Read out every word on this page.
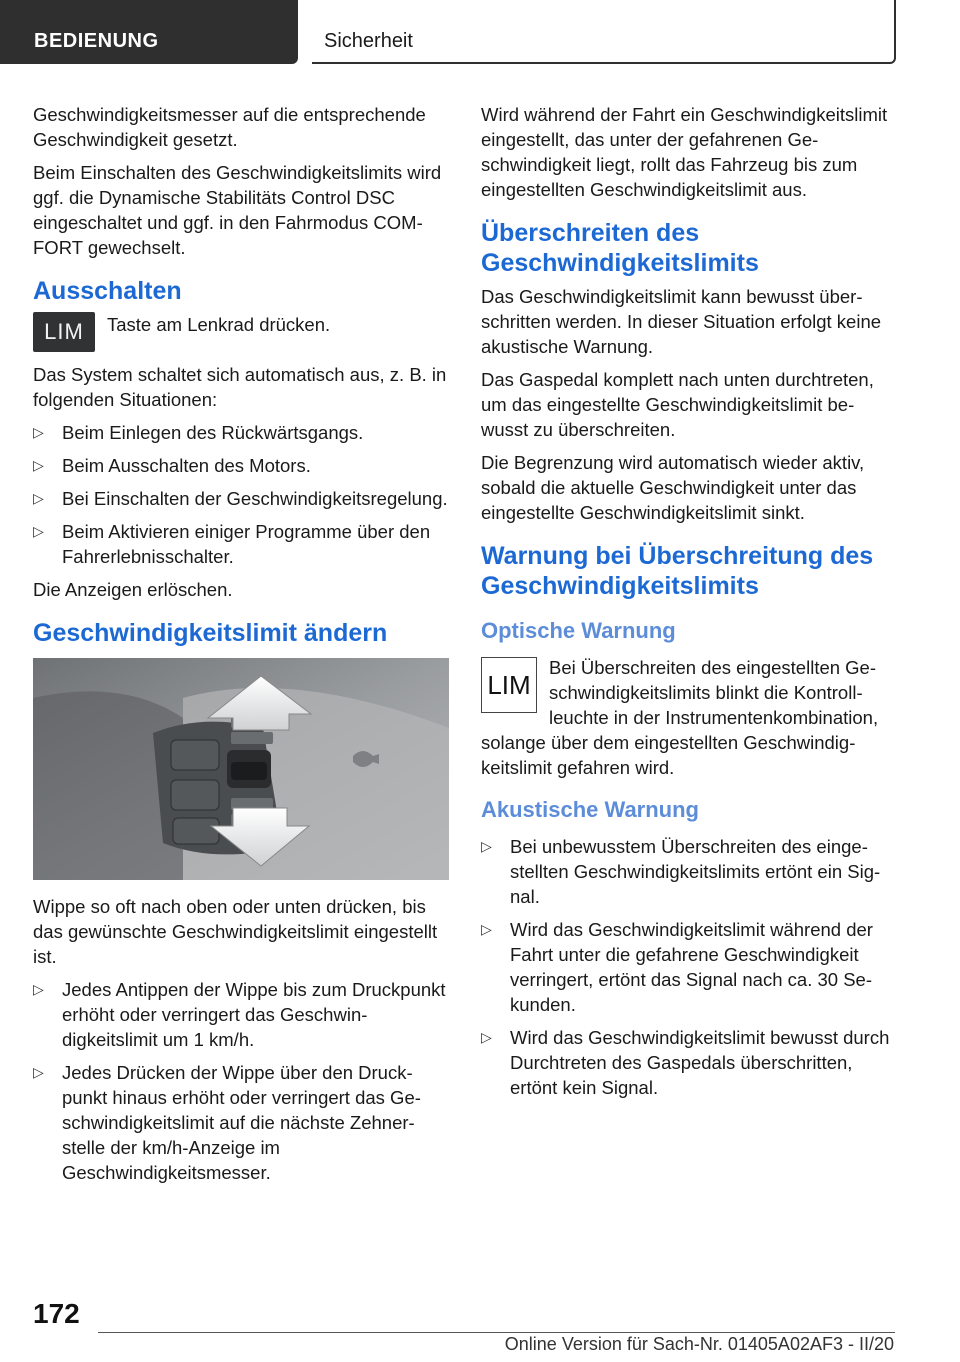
BEDIENUNG	Sicherheit

Geschwindigkeitsmesser auf die entsprechende Geschwindigkeit gesetzt.

Beim Einschalten des Geschwindigkeitslimits wird ggf. die Dynamische Stabilitäts Control DSC eingeschaltet und ggf. in den Fahrmodus COMFORT gewechselt.

Ausschalten
LIM	Taste am Lenkrad drücken.

Das System schaltet sich automatisch aus, z. B. in folgenden Situationen:

▷ Beim Einlegen des Rückwärtsgangs.
▷ Beim Ausschalten des Motors.
▷ Bei Einschalten der Geschwindigkeitsregelung.
▷ Beim Aktivieren einiger Programme über den Fahrerlebnisschalter.

Die Anzeigen erlöschen.

Geschwindigkeitslimit ändern

Wippe so oft nach oben oder unten drücken, bis das gewünschte Geschwindigkeitslimit eingestellt ist.

▷ Jedes Antippen der Wippe bis zum Druckpunkt erhöht oder verringert das Geschwindigkeitslimit um 1 km/h.
▷ Jedes Drücken der Wippe über den Druckpunkt hinaus erhöht oder verringert das Geschwindigkeitslimit auf die nächste Zehnerstelle der km/h-Anzeige im Geschwindigkeitsmesser.

Wird während der Fahrt ein Geschwindigkeitslimit eingestellt, das unter der gefahrenen Geschwindigkeit liegt, rollt das Fahrzeug bis zum eingestellten Geschwindigkeitslimit aus.

Überschreiten des Geschwindigkeitslimits

Das Geschwindigkeitslimit kann bewusst überschritten werden. In dieser Situation erfolgt keine akustische Warnung.

Das Gaspedal komplett nach unten durchtreten, um das eingestellte Geschwindigkeitslimit bewusst zu überschreiten.

Die Begrenzung wird automatisch wieder aktiv, sobald die aktuelle Geschwindigkeit unter das eingestellte Geschwindigkeitslimit sinkt.

Warnung bei Überschreitung des Geschwindigkeitslimits
Optische Warnung
LIM

Bei Überschreiten des eingestellten Geschwindigkeitslimits blinkt die Kontrollleuchte in der Instrumentenkombination, solange über dem eingestellten Geschwindigkeitslimit gefahren wird.

Akustische Warnung
▷ Bei unbewusstem Überschreiten des eingestellten Geschwindigkeitslimits ertönt ein Signal.
▷ Wird das Geschwindigkeitslimit während der Fahrt unter die gefahrene Geschwindigkeit verringert, ertönt das Signal nach ca. 30 Sekunden.
▷ Wird das Geschwindigkeitslimit bewusst durch Durchtreten des Gaspedals überschritten, ertönt kein Signal.
172
Online Version für Sach-Nr. 01405A02AF3 - II/20
